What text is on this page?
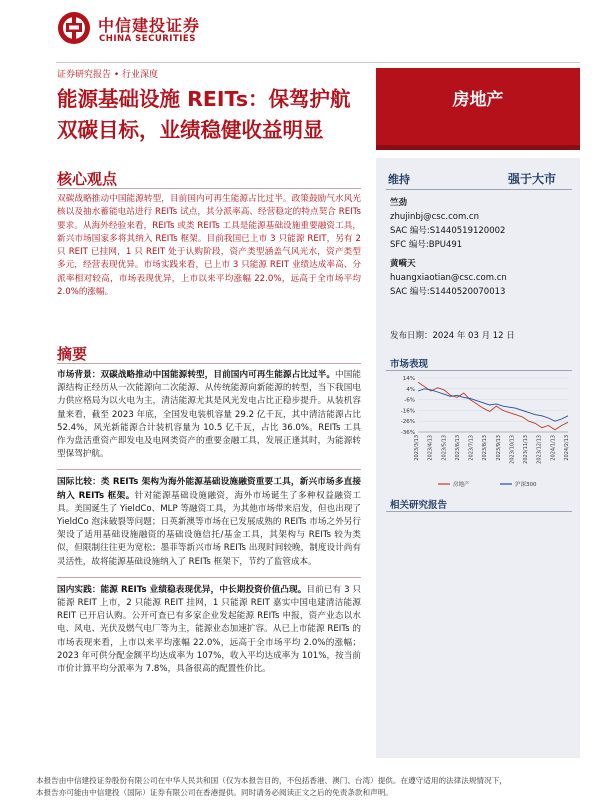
中信建投证券
CHINA SECURITIES
证券研究报告 • 行业深度
能源基础设施 REITs：保驾护航
双碳目标，业绩稳健收益明显
房地产
核心观点
双碳战略推动中国能源转型，目前国内可再生能源占比过半。政策鼓励气水风光核以及抽水蓄能电站进行 REITs 试点，其分派率高、经营稳定的特点契合 REITs 要求。从海外经验来看，REITs 或类 REITs 工具是能源基础设施重要融资工具，新兴市场国家多将其纳入 REITs 框架。目前我国已上市 3 只能源 REIT，另有 2 只 REIT 已挂网，1 只 REIT 处于认购阶段，资产类型涵盖气风光水，资产类型多元，经营表现优异。市场实践来看，已上市 3 只能源 REIT 业绩达成率高、分派率相对较高，市场表现优异，上市以来平均涨幅 22.0%，远高于全市场平均 2.0%的涨幅。
摘要

市场背景：双碳战略推动中国能源转型，目前国内可再生能源占比过半。中国能源结构正经历从一次能源向二次能源、从传统能源向新能源的转型，当下我国电力供应格局为以火电为主，清洁能源尤其是风光发电占比正稳步提升。从装机容量来看，截至 2023 年底，全国发电装机容量 29.2 亿千瓦，其中清洁能源占比 52.4%，风光新能源合计装机容量为 10.5 亿千瓦，占比 36.0%。REITs 工具作为盘活重资产即发电及电网类资产的重要金融工具，发展正逢其时，为能源转型保驾护航。

国际比较：类 REITs 架构为海外能源基础设施融资重要工具，新兴市场多直接纳入 REITs 框架。针对能源基础设施融资，海外市场诞生了多种权益融资工具。美国诞生了 YieldCo、MLP 等融资工具，为其他市场带来启发，但也出现了 YieldCo 泡沫破裂等问题；日英新澳等市场在已发展成熟的 REITs 市场之外另行架设了适用基础设施融资的基础设施信托/基金工具，其架构与 REITs 较为类似，但限制往往更为宽松；墨菲等新兴市场 REITs 出现时间较晚，制度设计尚有灵活性，故将能源基础设施纳入了 REITs 框架下，节约了监管成本。

国内实践：能源 REITs 业绩稳表现优异，中长期投资价值凸现。目前已有 3 只能源 REIT 上市，2 只能源 REIT 挂网，1 只能源 REIT 嘉实中国电建清洁能源 REIT 已开启认购。公开可查已有多家企业发起能源 REITs 申报，资产业态以水电、风电、光伏及燃气电厂等为主，能源业态加速扩容。从已上市能源 REITs 的市场表现来看，上市以来平均涨幅 22.0%，远高于全市场平均 2.0%的涨幅；2023 年可供分配金额平均达成率为 107%，收入平均达成率为 101%，按当前市价计算平均分派率为 7.8%，具备很高的配置性价比。

维持	强于大市
竺劲
zhujinbj@csc.com.cn
SAC 编号:S1440519120002
SFC 编号:BPU491
黄嗬天
huangxiaotian@csc.com.cn
SAC 编号:S1440520070013
发布日期：2024 年 03 月 12 日
市场表现
14%
4%
-6%
-16%
-26%
-36%
2023/3/13 2023/4/13 2023/5/13 2023/6/13 2023/7/13 2023/8/13 2023/9/13 2023/10/13 2023/11/13 2023/12/13 2024/1/13 2024/2/13
房地产	沪深300
相关研究报告
本报告由中信建投证券股份有限公司在中华人民共和国（仅为本报告目的，不包括香港、澳门、台湾）提供。在遵守适用的法律法规情况下，
本报告亦可能由中信建投（国际）证券有限公司在香港提供。同时请务必阅读正文之后的免责条款和声明。
